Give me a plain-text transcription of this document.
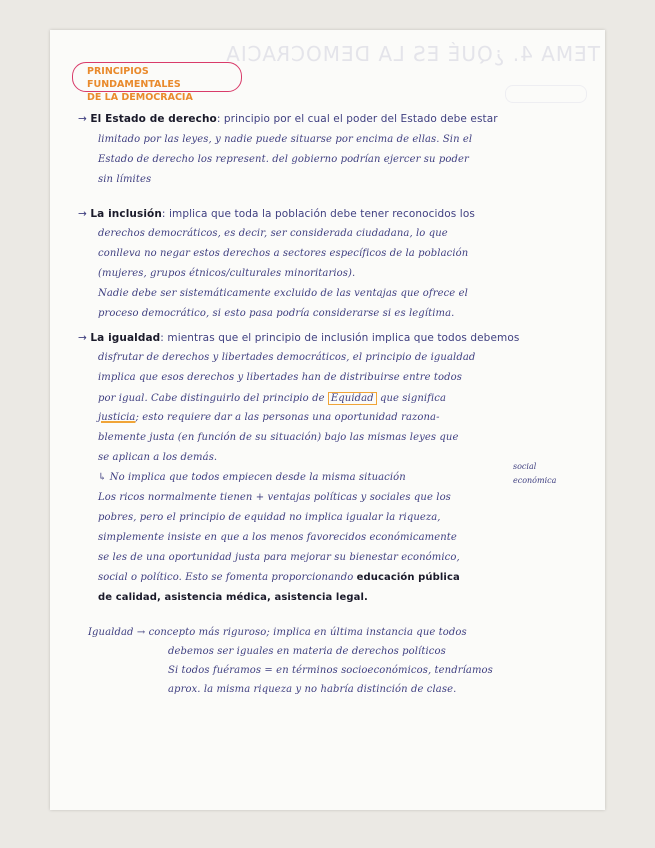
TEMA 4. ¿QUÉ ES LA DEMOCRACIA
PRINCIPIOS FUNDAMENTALES
DE LA DEMOCRACIA
→ El Estado de derecho: principio por el cual el poder del Estado debe estar
limitado por las leyes, y nadie puede situarse por encima de ellas. Sin el
Estado de derecho los represent. del gobierno podrían ejercer su poder
sin límites
→ La inclusión: implica que toda la población debe tener reconocidos los
derechos democráticos, es decir, ser considerada ciudadana, lo que
conlleva no negar estos derechos a sectores específicos de la población
(mujeres, grupos étnicos/culturales minoritarios).
Nadie debe ser sistemáticamente excluido de las ventajas que ofrece el
proceso democrático, si esto pasa podría considerarse si es legítima.
→ La igualdad: mientras que el principio de inclusión implica que todos debemos
disfrutar de derechos y libertades democráticos, el principio de igualdad
implica que esos derechos y libertades han de distribuirse entre todos
por igual. Cabe distinguirlo del principio de Equidad que significa
justicia; esto requiere dar a las personas una oportunidad razona-
blemente justa (en función de su situación) bajo las mismas leyes que
se aplican a los demás.
↳ No implica que todos empiecen desde la misma situación
social
económica
Los ricos normalmente tienen + ventajas políticas y sociales que los
pobres, pero el principio de equidad no implica igualar la riqueza,
simplemente insiste en que a los menos favorecidos económicamente
se les de una oportunidad justa para mejorar su bienestar económico,
social o político. Esto se fomenta proporcionando educación pública
de calidad, asistencia médica, asistencia legal.
Igualdad → concepto más riguroso; implica en última instancia que todos
debemos ser iguales en materia de derechos políticos
Si todos fuéramos = en términos socioeconómicos, tendríamos
aprox. la misma riqueza y no habría distinción de clase.
